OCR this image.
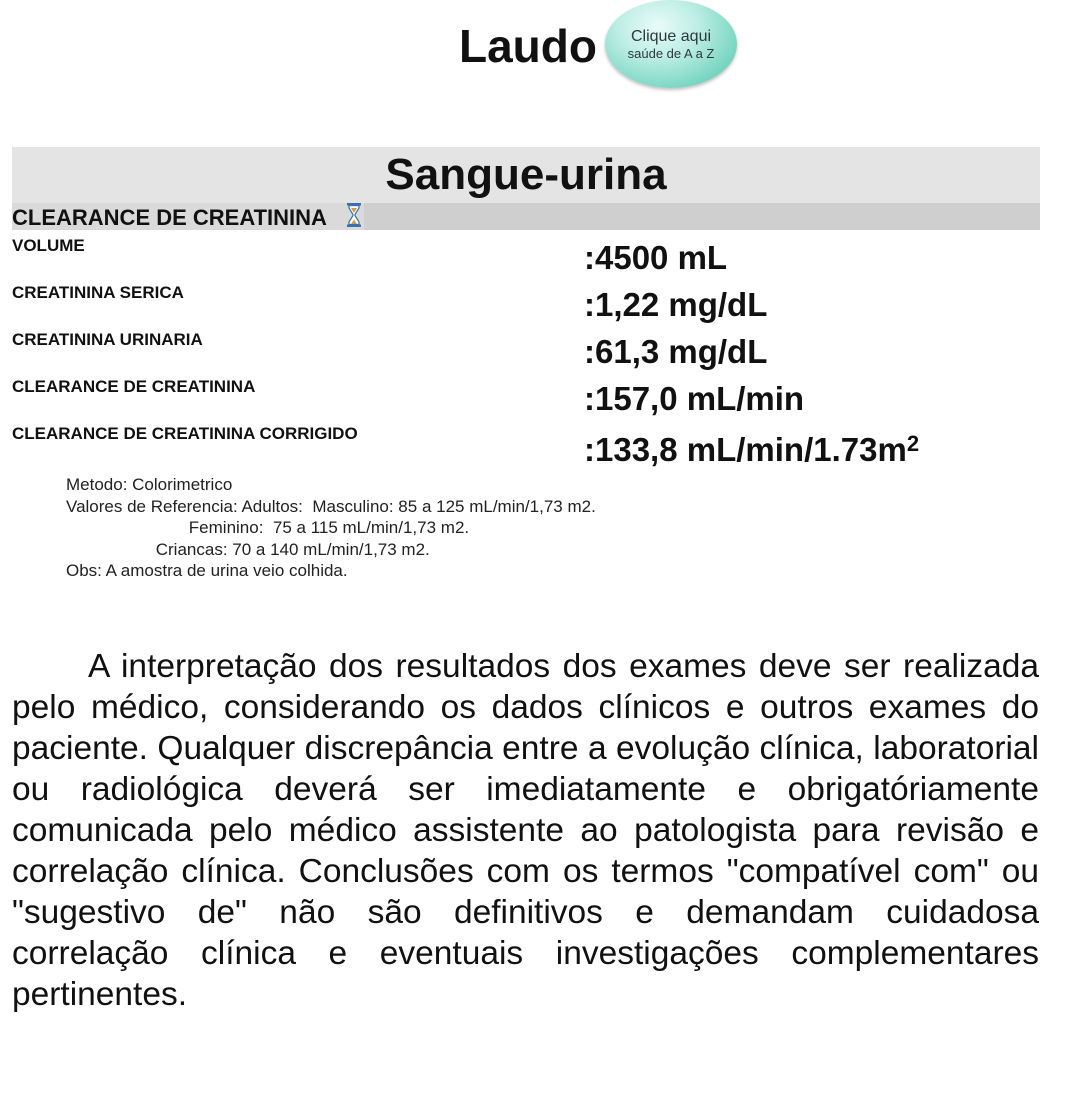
Laudo Clique aqui
saúde de A a Z
Sangue-urina
CLEARANCE DE CREATININA
VOLUME	:4500 mL
CREATININA SERICA	:1,22 mg/dL
CREATININA URINARIA	:61,3 mg/dL
CLEARANCE DE CREATININA	:157,0 mL/min
CLEARANCE DE CREATININA CORRIGIDO	:133,8 $mL/\min/1.73m^2$
Metodo: Colorimetrico
Valores de Referencia: Adultos:  Masculino: 85 a 125 mL/min/1,73 m2.
Feminino:  75 a 115 mL/min/1,73 m2.
Criancas: 70 a 140 mL/min/1,73 m2.
Obs: A amostra de urina veio colhida.
A interpretação dos resultados dos exames deve ser realizada pelo médico, considerando os dados clínicos e outros exames do paciente. Qualquer discrepância entre a evolução clínica, laboratorial ou radiológica deverá ser imediatamente e obrigatóriamente comunicada pelo médico assistente ao patologista para revisão e correlação clínica. Conclusões com os termos "compatível com" ou "sugestivo de" não são definitivos e demandam cuidadosa correlação clínica e eventuais investigações complementares pertinentes.
